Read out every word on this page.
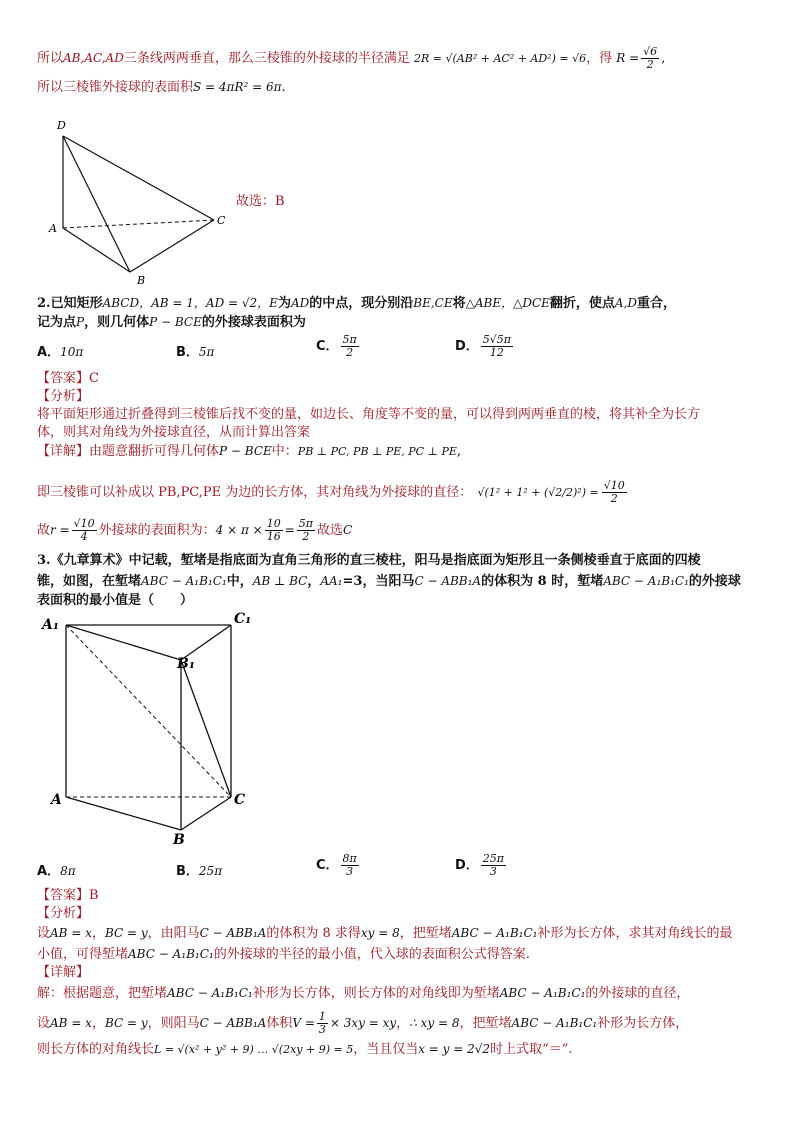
所以AB,AC,AD三条线两两垂直，那么三棱锥的外接球的半径满足 2R = √(AB² + AC² + AD²) = √6，得 $R = \frac{√6}{2}$ ,
所以三棱锥外接球的表面积S = 4πR² = 6π.
D
A
C
B
故选：B
2.已知矩形ABCD，AB = 1，AD = √2，E为AD的中点，现分别沿BE,CE将△ABE，△DCE翻折，使点A,D重合，
记为点P，则几何体P − BCE的外接球表面积为
A．10π	B．5π	C． $\frac{5\pi}{2}$	D． $\frac{5√5\pi}{12}$
【答案】C
【分析】
将平面矩形通过折叠得到三棱锥后找不变的量，如边长、角度等不变的量，可以得到两两垂直的棱，将其补全为长方
体，则其对角线为外接球直径，从而计算出答案
【详解】由题意翻折可得几何体P − BCE中：PB ⊥ PC, PB ⊥ PE, PC ⊥ PE,
即三棱锥可以补成以 PB,PC,PE 为边的长方体，其对角线为外接球的直径： $√(1^2 + 1^2 + (√2/2)^2) = \frac{√10}{2}$
故$r = \frac{√10}{4}$ 外接球的表面积为：$4 \times \pi \times \frac{10}{16} = \frac{5\pi}{2}$ 故选C
3.《九章算术》中记载，堑堵是指底面为直角三角形的直三棱柱，阳马是指底面为矩形且一条侧棱垂直于底面的四棱
锥，如图，在堑堵ABC − A₁B₁C₁中，AB ⊥ BC，AA₁=3，当阳马C − ABB₁A的体积为 8 时，堑堵ABC − A₁B₁C₁的外接球
表面积的最小值是（　　）
A₁	C₁
B₁
A	C
B
A．8π	B．25π	C． $\frac{8\pi}{3}$	D． $\frac{25\pi}{3}$
【答案】B
【分析】
设AB = x，BC = y，由阳马C − ABB₁A的体积为 8 求得xy = 8，把堑堵ABC − A₁B₁C₁补形为长方体，求其对角线长的最
小值，可得堑堵ABC − A₁B₁C₁的外接球的半径的最小值，代入球的表面积公式得答案.
【详解】
解：根据题意，把堑堵ABC − A₁B₁C₁补形为长方体，则长方体的对角线即为堑堵ABC − A₁B₁C₁的外接球的直径，
设AB = x，BC = y，则阳马C − ABB₁A体积$V = \frac{1}{3} \times 3xy$ = xy，∴ xy = 8，把堑堵ABC − A₁B₁C₁补形为长方体，
则长方体的对角线长L = √(x² + y² + 9) … √(2xy + 9) = 5，当且仅当x = y = 2√2时上式取“＝”.
